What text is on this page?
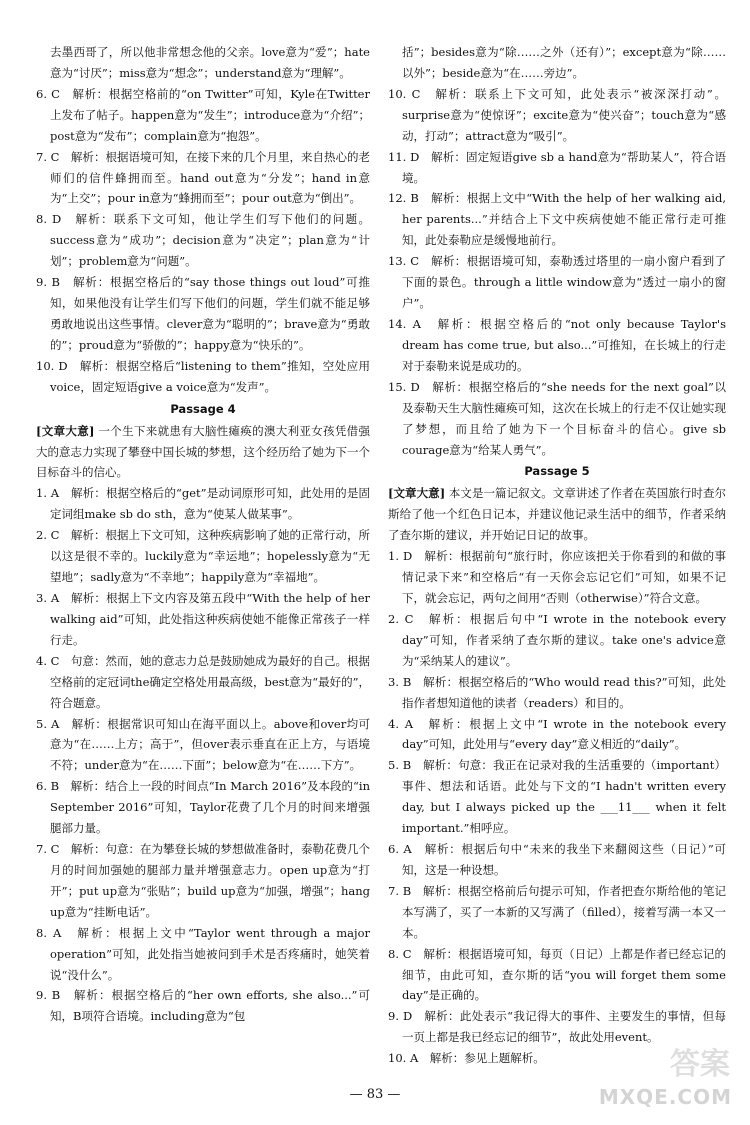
去墨西哥了，所以他非常想念他的父亲。love意为“爱”；hate意为“讨厌”；miss意为“想念”；understand意为“理解”。

6. C　解析：根据空格前的“on Twitter”可知，Kyle在Twitter上发布了帖子。happen意为“发生”；introduce意为“介绍”；post意为“发布”；complain意为“抱怨”。

7. C　解析：根据语境可知，在接下来的几个月里，来自热心的老师们的信件蜂拥而至。hand out意为“分发”；hand in意为“上交”；pour in意为“蜂拥而至”；pour out意为“倒出”。

8. D　解析：联系下文可知，他让学生们写下他们的问题。success意为“成功”；decision意为“决定”；plan意为“计划”；problem意为“问题”。

9. B　解析：根据空格后的“say those things out loud”可推知，如果他没有让学生们写下他们的问题，学生们就不能足够勇敢地说出这些事情。clever意为“聪明的”；brave意为“勇敢的”；proud意为“骄傲的”；happy意为“快乐的”。

10. D　解析：根据空格后“listening to them”推知，空处应用voice，固定短语give a voice意为“发声”。

Passage 4

[文章大意] 一个生下来就患有大脑性瘫痪的澳大利亚女孩凭借强大的意志力实现了攀登中国长城的梦想，这个经历给了她为下一个目标奋斗的信心。

1. A　解析：根据空格后的“get”是动词原形可知，此处用的是固定词组make sb do sth，意为“使某人做某事”。

2. C　解析：根据上下文可知，这种疾病影响了她的正常行动，所以这是很不幸的。luckily意为“幸运地”；hopelessly意为“无望地”；sadly意为“不幸地”；happily意为“幸福地”。

3. A　解析：根据上下文内容及第五段中“With the help of her walking aid”可知，此处指这种疾病使她不能像正常孩子一样行走。

4. C　句意：然而，她的意志力总是鼓励她成为最好的自己。根据空格前的定冠词the确定空格处用最高级，best意为“最好的”，符合题意。

5. A　解析：根据常识可知山在海平面以上。above和over均可意为“在……上方；高于”，但over表示垂直在正上方，与语境不符；under意为“在……下面”；below意为“在……下方”。

6. B　解析：结合上一段的时间点“In March 2016”及本段的“in September 2016”可知，Taylor花费了几个月的时间来增强腿部力量。

7. C　解析：句意：在为攀登长城的梦想做准备时，泰勒花费几个月的时间加强她的腿部力量并增强意志力。open up意为“打开”；put up意为“张贴”；build up意为“加强，增强”；hang up意为“挂断电话”。

8. A　解析：根据上文中“Taylor went through a major operation”可知，此处指当她被问到手术是否疼痛时，她笑着说“没什么”。

9. B　解析：根据空格后的“her own efforts, she also...”可知，B项符合语境。including意为“包

括”；besides意为“除……之外（还有）”；except意为“除……以外”；beside意为“在……旁边”。

10. C　解析：联系上下文可知，此处表示“被深深打动”。surprise意为“使惊讶”；excite意为“使兴奋”；touch意为“感动，打动”；attract意为“吸引”。

11. D　解析：固定短语give sb a hand意为“帮助某人”，符合语境。

12. B　解析：根据上文中“With the help of her walking aid, her parents...”并结合上下文中疾病使她不能正常行走可推知，此处泰勒应是缓慢地前行。

13. C　解析：根据语境可知，泰勒透过塔里的一扇小窗户看到了下面的景色。through a little window意为“透过一扇小的窗户”。

14. A　解析：根据空格后的“not only because Taylor's dream has come true, but also...”可推知，在长城上的行走对于泰勒来说是成功的。

15. D　解析：根据空格后的“she needs for the next goal”以及泰勒天生大脑性瘫痪可知，这次在长城上的行走不仅让她实现了梦想，而且给了她为下一个目标奋斗的信心。give sb courage意为“给某人勇气”。

Passage 5

[文章大意] 本文是一篇记叙文。文章讲述了作者在英国旅行时查尔斯给了他一个红色日记本，并建议他记录生活中的细节，作者采纳了查尔斯的建议，并开始记日记的故事。

1. D　解析：根据前句“旅行时，你应该把关于你看到的和做的事情记录下来”和空格后“有一天你会忘记它们”可知，如果不记下，就会忘记，两句之间用“否则（otherwise）”符合文意。

2. C　解析：根据后句中“I wrote in the notebook every day”可知，作者采纳了查尔斯的建议。take one's advice意为“采纳某人的建议”。

3. B　解析：根据空格后的“Who would read this?”可知，此处指作者想知道他的读者（readers）和目的。

4. A　解析：根据上文中“I wrote in the notebook every day”可知，此处用与“every day”意义相近的“daily”。

5. B　解析：句意：我正在记录对我的生活重要的（important）事件、想法和话语。此处与下文的“I hadn't written every day, but I always picked up the ___11___ when it felt important.”相呼应。

6. A　解析：根据后句中“未来的我坐下来翻阅这些（日记）”可知，这是一种设想。

7. B　解析：根据空格前后句提示可知，作者把查尔斯给他的笔记本写满了，买了一本新的又写满了（filled），接着写满一本又一本。

8. C　解析：根据语境可知，每页（日记）上都是作者已经忘记的细节，由此可知，查尔斯的话“you will forget them some day”是正确的。

9. D　解析：此处表示“我记得大的事件、主要发生的事情，但每一页上都是我已经忘记的细节”，故此处用event。

10. A　解析：参见上题解析。

— 83 —
答案
MXQE.COM
